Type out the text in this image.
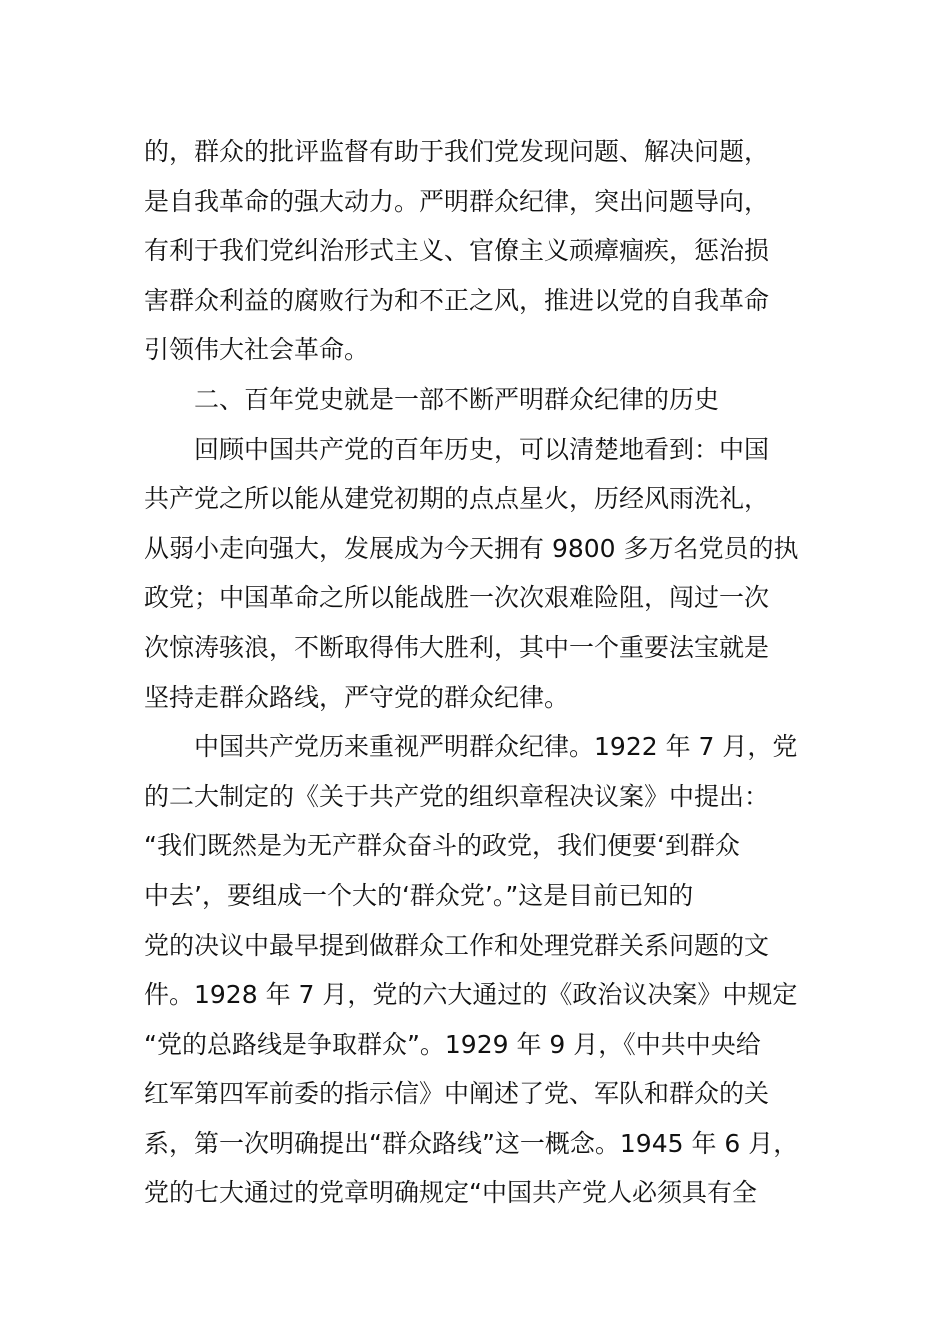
的，群众的批评监督有助于我们党发现问题、解决问题，
是自我革命的强大动力。严明群众纪律，突出问题导向，
有利于我们党纠治形式主义、官僚主义顽瘴痼疾，惩治损
害群众利益的腐败行为和不正之风，推进以党的自我革命
引领伟大社会革命。
二、百年党史就是一部不断严明群众纪律的历史
回顾中国共产党的百年历史，可以清楚地看到：中国
共产党之所以能从建党初期的点点星火，历经风雨洗礼，
从弱小走向强大，发展成为今天拥有 9800 多万名党员的执
政党；中国革命之所以能战胜一次次艰难险阻，闯过一次
次惊涛骇浪，不断取得伟大胜利，其中一个重要法宝就是
坚持走群众路线，严守党的群众纪律。
中国共产党历来重视严明群众纪律。1922 年 7 月，党
的二大制定的《关于共产党的组织章程决议案》中提出：
“我们既然是为无产群众奋斗的政党，我们便要‘到群众
中去’，要组成一个大的‘群众党’。”这是目前已知的
党的决议中最早提到做群众工作和处理党群关系问题的文
件。1928 年 7 月，党的六大通过的《政治议决案》中规定
“党的总路线是争取群众”。1929 年 9 月，《中共中央给
红军第四军前委的指示信》中阐述了党、军队和群众的关
系，第一次明确提出“群众路线”这一概念。1945 年 6 月，
党的七大通过的党章明确规定“中国共产党人必须具有全
